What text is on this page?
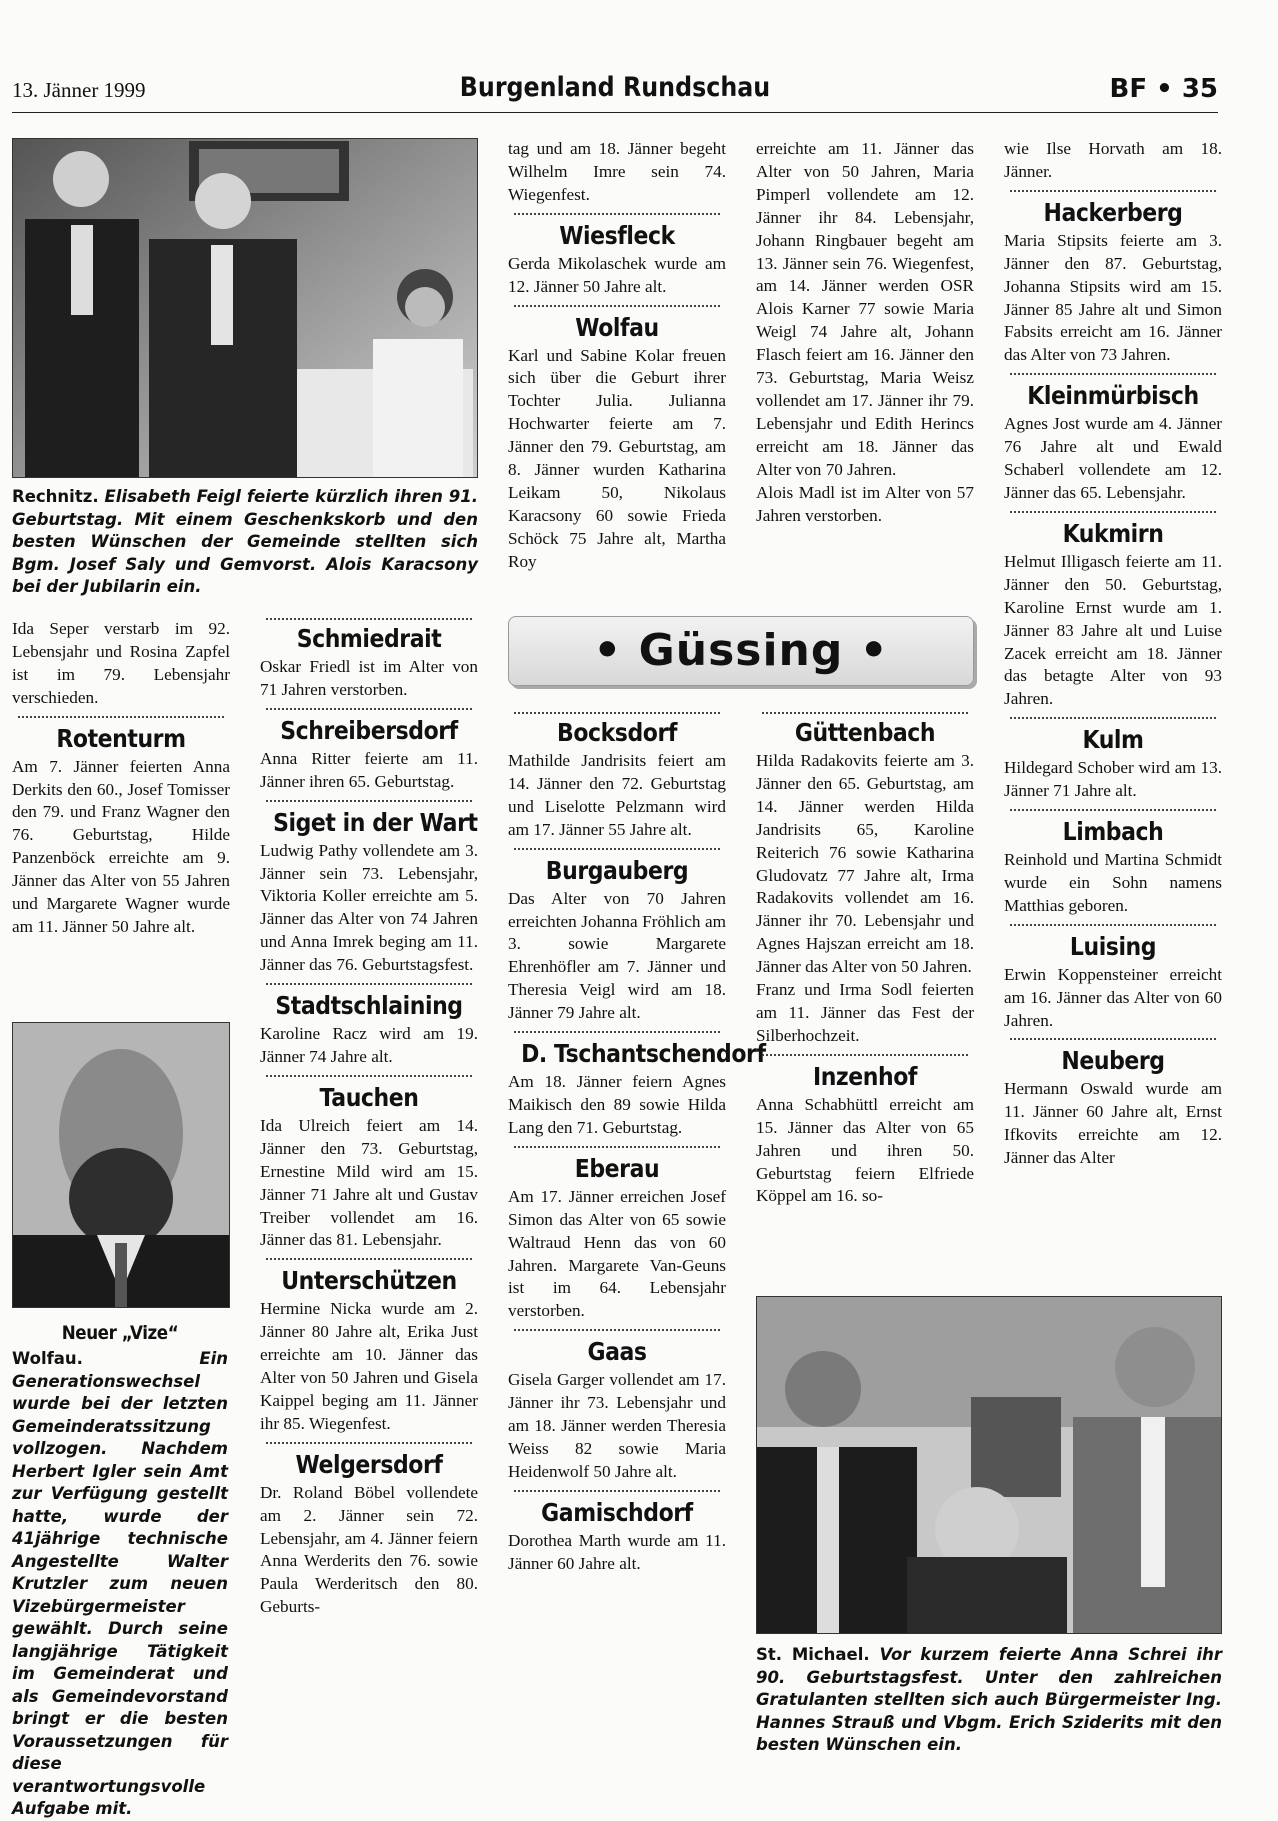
13. Jänner 1999	Burgenland Rundschau	BF • 35

Rechnitz. Elisabeth Feigl feierte kürzlich ihren 91. Geburtstag. Mit einem Geschenkskorb und den besten Wünschen der Gemeinde stellten sich Bgm. Josef Saly und Gemvorst. Alois Karacsony bei der Jubilarin ein.

Ida Seper verstarb im 92. Lebensjahr und Rosina Zapfel ist im 79. Lebensjahr verschieden.

Rotenturm

Am 7. Jänner feierten Anna Derkits den 60., Josef Tomisser den 79. und Franz Wagner den 76. Geburtstag, Hilde Panzenböck erreichte am 9. Jänner das Alter von 55 Jahren und Margarete Wagner wurde am 11. Jänner 50 Jahre alt.

Neuer „Vize“

Wolfau.	Ein Generationswechsel wurde bei der letzten Gemeinderatssitzung vollzogen. Nachdem Herbert Igler sein Amt zur Verfügung gestellt hatte, wurde der 41jährige technische Angestellte Walter Krutzler zum neuen Vizebürgermeister gewählt. Durch seine langjährige Tätigkeit im Gemeinderat und als Gemeindevorstand bringt er die besten Voraussetzungen für diese verantwortungsvolle Aufgabe mit.

Schmiedrait

Oskar Friedl ist im Alter von 71 Jahren verstorben.

Schreibersdorf

Anna Ritter feierte am 11. Jänner ihren 65. Geburtstag.

Siget in der Wart

Ludwig Pathy vollendete am 3. Jänner sein 73. Lebensjahr, Viktoria Koller erreichte am 5. Jänner das Alter von 74 Jahren und Anna Imrek beging am 11. Jänner das 76. Geburtstagsfest.

Stadtschlaining

Karoline Racz wird am 19. Jänner 74 Jahre alt.

Tauchen

Ida Ulreich feiert am 14. Jänner den 73. Geburtstag, Ernestine Mild wird am 15. Jänner 71 Jahre alt und Gustav Treiber vollendet am 16. Jänner das 81. Lebensjahr.

Unterschützen

Hermine Nicka wurde am 2. Jänner 80 Jahre alt, Erika Just erreichte am 10. Jänner das Alter von 50 Jahren und Gisela Kaippel beging am 11. Jänner ihr 85. Wiegenfest.

Welgersdorf

Dr. Roland Böbel vollendete am 2. Jänner sein 72. Lebensjahr, am 4. Jänner feiern Anna Werderits den 76. sowie Paula Werderitsch den 80. Geburts-

tag und am 18. Jänner begeht Wilhelm Imre sein 74. Wiegenfest.

Wiesfleck

Gerda Mikolaschek wurde am 12. Jänner 50 Jahre alt.

Wolfau

Karl und Sabine Kolar freuen sich über die Geburt ihrer Tochter Julia. Julianna Hochwarter feierte am 7. Jänner den 79. Geburtstag, am 8. Jänner wurden Katharina Leikam 50, Nikolaus Karacsony 60 sowie Frieda Schöck 75 Jahre alt, Martha Roy

erreichte am 11. Jänner das Alter von 50 Jahren, Maria Pimperl vollendete am 12. Jänner ihr 84. Lebensjahr, Johann Ringbauer begeht am 13. Jänner sein 76. Wiegenfest, am 14. Jänner werden OSR Alois Karner 77 sowie Maria Weigl 74 Jahre alt, Johann Flasch feiert am 16. Jänner den 73. Geburtstag, Maria Weisz vollendet am 17. Jänner ihr 79. Lebensjahr und Edith Herincs erreicht am 18. Jänner das Alter von 70 Jahren.

Alois Madl ist im Alter von 57 Jahren verstorben.

• Güssing •
Bocksdorf

Mathilde Jandrisits feiert am 14. Jänner den 72. Geburtstag und Liselotte Pelzmann wird am 17. Jänner 55 Jahre alt.

Burgauberg

Das Alter von 70 Jahren erreichten Johanna Fröhlich am 3. sowie Margarete Ehrenhöfler am 7. Jänner und Theresia Veigl wird am 18. Jänner 79 Jahre alt.

D. Tschantschendorf

Am 18. Jänner feiern Agnes Maikisch den 89 sowie Hilda Lang den 71. Geburtstag.

Eberau

Am 17. Jänner erreichen Josef Simon das Alter von 65 sowie Waltraud Henn das von 60 Jahren. Margarete Van-Geuns ist im 64. Lebensjahr verstorben.

Gaas

Gisela Garger vollendet am 17. Jänner ihr 73. Lebensjahr und am 18. Jänner werden Theresia Weiss 82 sowie Maria Heidenwolf 50 Jahre alt.

Gamischdorf

Dorothea Marth wurde am 11. Jänner 60 Jahre alt.

Güttenbach

Hilda Radakovits feierte am 3. Jänner den 65. Geburtstag, am 14. Jänner werden Hilda Jandrisits 65, Karoline Reiterich 76 sowie Katharina Gludovatz 77 Jahre alt, Irma Radakovits vollendet am 16. Jänner ihr 70. Lebensjahr und Agnes Hajszan erreicht am 18. Jänner das Alter von 50 Jahren.

Franz und Irma Sodl feierten am 11. Jänner das Fest der Silberhochzeit.

Inzenhof

Anna Schabhüttl erreicht am 15. Jänner das Alter von 65 Jahren und ihren 50. Geburtstag feiern Elfriede Köppel am 16. so-

wie Ilse Horvath am 18. Jänner.

Hackerberg

Maria Stipsits feierte am 3. Jänner den 87. Geburtstag, Johanna Stipsits wird am 15. Jänner 85 Jahre alt und Simon Fabsits erreicht am 16. Jänner das Alter von 73 Jahren.

Kleinmürbisch

Agnes Jost wurde am 4. Jänner 76 Jahre alt und Ewald Schaberl vollendete am 12. Jänner das 65. Lebensjahr.

Kukmirn

Helmut Illigasch feierte am 11. Jänner den 50. Geburtstag, Karoline Ernst wurde am 1. Jänner 83 Jahre alt und Luise Zacek erreicht am 18. Jänner das betagte Alter von 93 Jahren.

Kulm

Hildegard Schober wird am 13. Jänner 71 Jahre alt.

Limbach

Reinhold und Martina Schmidt wurde ein Sohn namens Matthias geboren.

Luising

Erwin Koppensteiner erreicht am 16. Jänner das Alter von 60 Jahren.

Neuberg

Hermann Oswald wurde am 11. Jänner 60 Jahre alt, Ernst Ifkovits erreichte am 12. Jänner das Alter

St. Michael. Vor kurzem feierte Anna Schrei ihr 90. Geburtstagsfest. Unter den zahlreichen Gratulanten stellten sich auch Bürgermeister Ing. Hannes Strauß und Vbgm. Erich Sziderits mit den besten Wünschen ein.
